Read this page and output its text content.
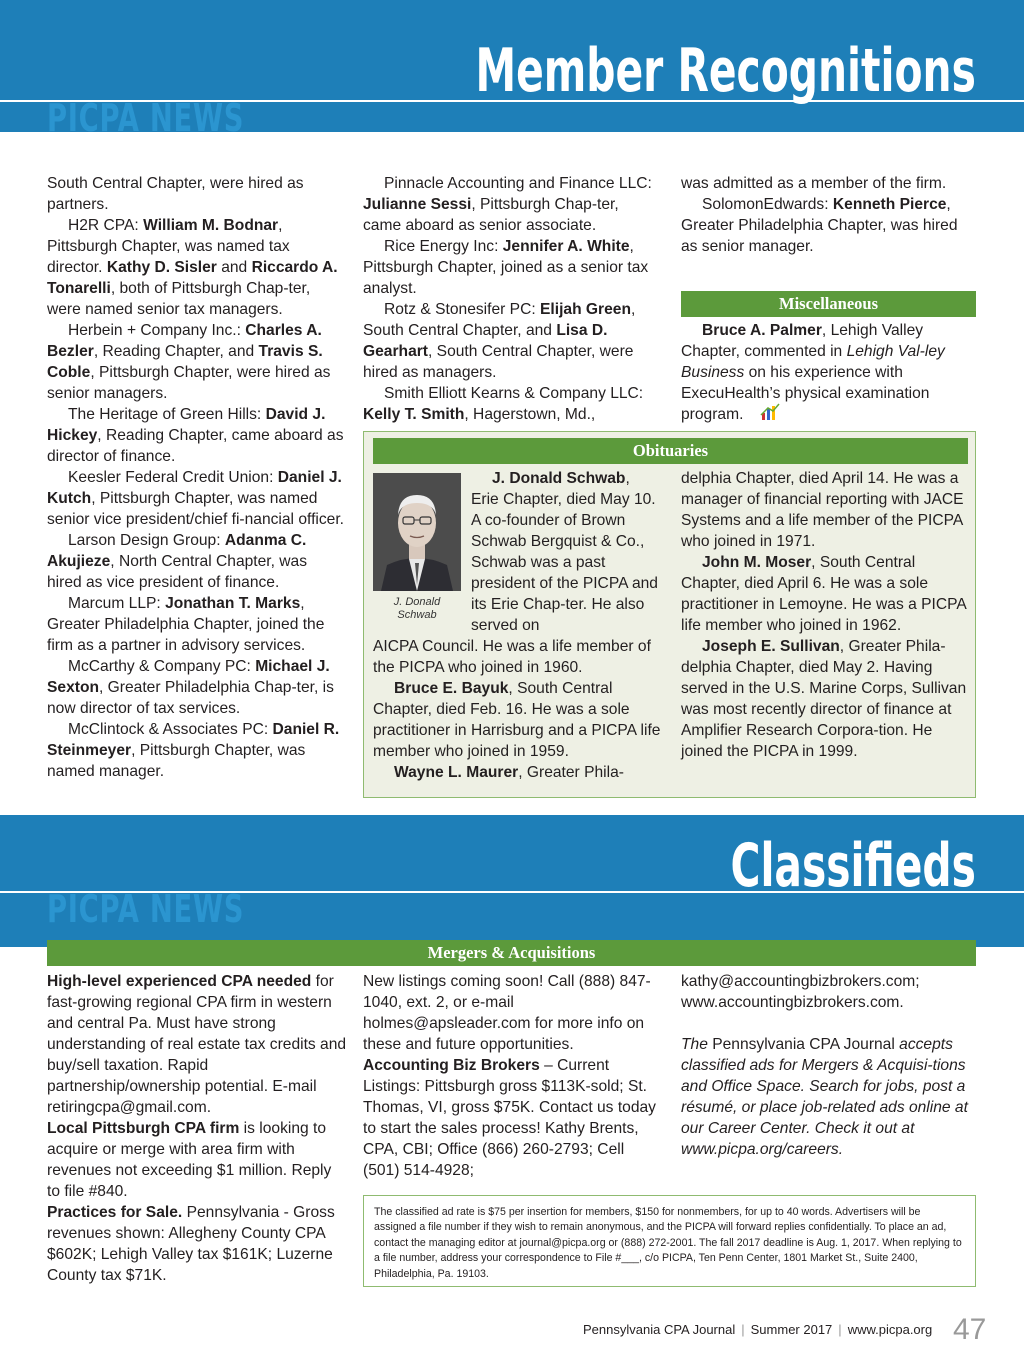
PICPA NEWS
Member Recognitions

South Central Chapter, were hired as partners.

H2R CPA: William M. Bodnar, Pittsburgh Chapter, was named tax director. Kathy D. Sisler and Riccardo A. Tonarelli, both of Pittsburgh Chap-ter, were named senior tax managers.

Herbein + Company Inc.: Charles A. Bezler, Reading Chapter, and Travis S. Coble, Pittsburgh Chapter, were hired as senior managers.

The Heritage of Green Hills: David J. Hickey, Reading Chapter, came aboard as director of finance.

Keesler Federal Credit Union: Daniel J. Kutch, Pittsburgh Chapter, was named senior vice president/chief fi-nancial officer.

Larson Design Group: Adanma C. Akujieze, North Central Chapter, was hired as vice president of finance.

Marcum LLP: Jonathan T. Marks, Greater Philadelphia Chapter, joined the firm as a partner in advisory services.

McCarthy & Company PC: Michael J. Sexton, Greater Philadelphia Chap-ter, is now director of tax services.

McClintock & Associates PC: Daniel R. Steinmeyer, Pittsburgh Chapter, was named manager.

Pinnacle Accounting and Finance LLC: Julianne Sessi, Pittsburgh Chap-ter, came aboard as senior associate.

Rice Energy Inc: Jennifer A. White, Pittsburgh Chapter, joined as a senior tax analyst.

Rotz & Stonesifer PC: Elijah Green, South Central Chapter, and Lisa D. Gearhart, South Central Chapter, were hired as managers.

Smith Elliott Kearns & Company LLC: Kelly T. Smith, Hagerstown, Md.,

was admitted as a member of the firm.

SolomonEdwards: Kenneth Pierce, Greater Philadelphia Chapter, was hired as senior manager.

Miscellaneous

Bruce A. Palmer, Lehigh Valley Chapter, commented in Lehigh Val-ley Business on his experience with ExecuHealth’s physical examination program.

Obituaries
J. Donald Schwab

J. Donald Schwab, Erie Chapter, died May 10. A co-founder of Brown Schwab Bergquist & Co., Schwab was a past president of the PICPA and its Erie Chap-ter. He also served on

AICPA Council. He was a life member of the PICPA who joined in 1960.

Bruce E. Bayuk, South Central Chapter, died Feb. 16. He was a sole practitioner in Harrisburg and a PICPA life member who joined in 1959.

Wayne L. Maurer, Greater Phila-

delphia Chapter, died April 14. He was a manager of financial reporting with JACE Systems and a life member of the PICPA who joined in 1971.

John M. Moser, South Central Chapter, died April 6. He was a sole practitioner in Lemoyne. He was a PICPA life member who joined in 1962.

Joseph E. Sullivan, Greater Phila-delphia Chapter, died May 2. Having served in the U.S. Marine Corps, Sullivan was most recently director of finance at Amplifier Research Corpora-tion. He joined the PICPA in 1999.

PICPA NEWS
Classifieds
Mergers & Acquisitions

High-level experienced CPA needed for fast-growing regional CPA firm in western and central Pa. Must have strong understanding of real estate tax credits and buy/sell taxation. Rapid partnership/ownership potential. E-mail retiringcpa@gmail.com.
Local Pittsburgh CPA firm is looking to acquire or merge with area firm with revenues not exceeding $1 million. Reply to file #840.
Practices for Sale. Pennsylvania - Gross revenues shown: Allegheny County CPA $602K; Lehigh Valley tax $161K; Luzerne County tax $71K.

New listings coming soon! Call (888) 847-1040, ext. 2, or e-mail holmes@apsleader.com for more info on these and future opportunities.
Accounting Biz Brokers – Current Listings: Pittsburgh gross $113K-sold; St. Thomas, VI, gross $75K. Contact us today to start the sales process! Kathy Brents, CPA, CBI; Office (866) 260-2793; Cell (501) 514-4928;

kathy@accountingbizbrokers.com; www.accountingbizbrokers.com.

The Pennsylvania CPA Journal accepts classified ads for Mergers & Acquisi-tions and Office Space. Search for jobs, post a résumé, or place job-related ads online at our Career Center. Check it out at www.picpa.org/careers.

The classified ad rate is $75 per insertion for members, $150 for nonmembers, for up to 40 words. Advertisers will be assigned a file number if they wish to remain anonymous, and the PICPA will forward replies confidentially. To place an ad, contact the managing editor at journal@picpa.org or (888) 272-2001. The fall 2017 deadline is Aug. 1, 2017. When replying to a file number, address your correspondence to File #___, c/o PICPA, Ten Penn Center, 1801 Market St., Suite 2400, Philadelphia, Pa. 19103.
Pennsylvania CPA Journal | Summer 2017 | www.picpa.org 47
